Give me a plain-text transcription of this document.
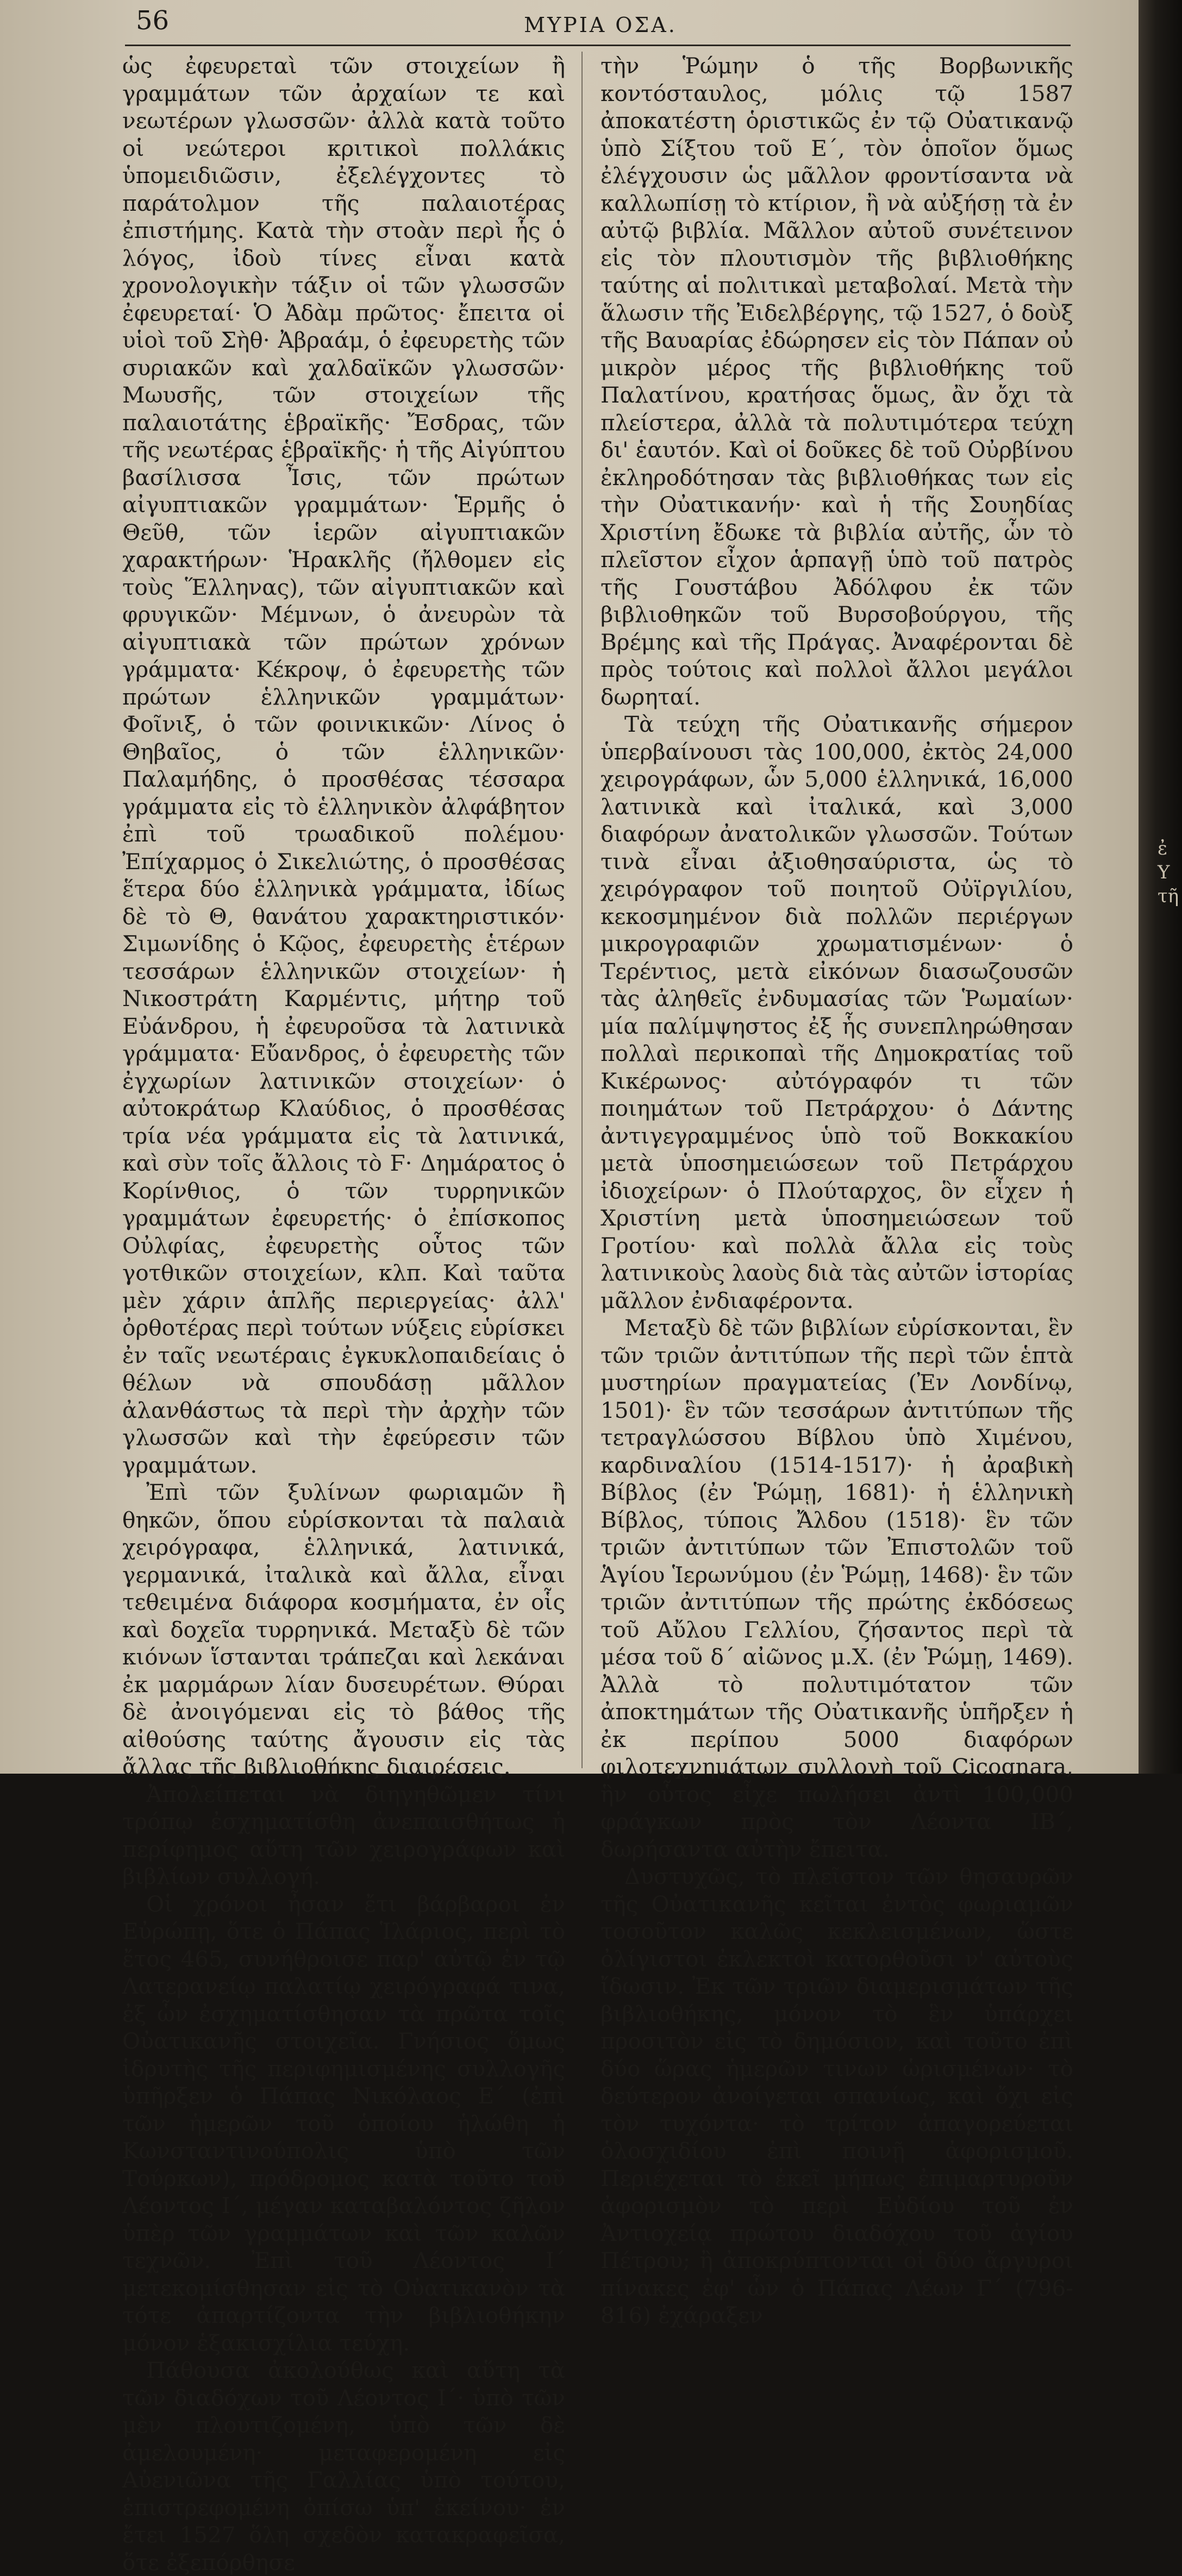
56	ΜΥΡΙΑ ΟΣΑ.

ὡς ἐφευρεταὶ τῶν στοιχείων ἢ γραμμάτων τῶν ἀρχαίων τε καὶ νεωτέρων γλωσσῶν· ἀλλὰ κατὰ τοῦτο οἱ νεώτεροι κριτικοὶ πολλάκις ὑπομειδιῶσιν, ἐξελέγχοντες τὸ παράτολμον τῆς παλαιοτέρας ἐπιστήμης. Κατὰ τὴν στοὰν περὶ ἧς ὁ λόγος, ἰδοὺ τίνες εἶναι κατὰ χρονολογικὴν τάξιν οἱ τῶν γλωσσῶν ἐφευρεταί· Ὁ Ἀδὰμ πρῶτος· ἔπειτα οἱ υἱοὶ τοῦ Σὴθ· Ἀβραάμ, ὁ ἐφευρετὴς τῶν συριακῶν καὶ χαλδαϊκῶν γλωσσῶν· Μωυσῆς, τῶν στοιχείων τῆς παλαιοτάτης ἑβραϊκῆς· Ἔσδρας, τῶν τῆς νεωτέρας ἑβραϊκῆς· ἡ τῆς Αἰγύπτου βασίλισσα Ἶσις, τῶν πρώτων αἰγυπτιακῶν γραμμάτων· Ἑρμῆς ὁ Θεῦθ, τῶν ἱερῶν αἰγυπτιακῶν χαρακτήρων· Ἡρακλῆς (ἤλθομεν εἰς τοὺς Ἕλληνας), τῶν αἰγυπτιακῶν καὶ φρυγικῶν· Μέμνων, ὁ ἀνευρὼν τὰ αἰγυπτιακὰ τῶν πρώτων χρόνων γράμματα· Κέκροψ, ὁ ἐφευρετὴς τῶν πρώτων ἑλληνικῶν γραμμάτων· Φοῖνιξ, ὁ τῶν φοινικικῶν· Λίνος ὁ Θηβαῖος, ὁ τῶν ἑλληνικῶν· Παλαμήδης, ὁ προσθέσας τέσσαρα γράμματα εἰς τὸ ἑλληνικὸν ἀλφάβητον ἐπὶ τοῦ τρωαδικοῦ πολέμου· Ἐπίχαρμος ὁ Σικελιώτης, ὁ προσθέσας ἕτερα δύο ἑλληνικὰ γράμματα, ἰδίως δὲ τὸ Θ, θανάτου χαρακτηριστικόν· Σιμωνίδης ὁ Κῷος, ἐφευρετὴς ἑτέρων τεσσάρων ἑλληνικῶν στοιχείων· ἡ Νικοστράτη Καρμέντις, μήτηρ τοῦ Εὐάνδρου, ἡ ἐφευροῦσα τὰ λατινικὰ γράμματα· Εὔανδρος, ὁ ἐφευρετὴς τῶν ἐγχωρίων λατινικῶν στοιχείων· ὁ αὐτοκράτωρ Κλαύδιος, ὁ προσθέσας τρία νέα γράμματα εἰς τὰ λατινικά, καὶ σὺν τοῖς ἄλλοις τὸ Ϝ· Δημάρατος ὁ Κορίνθιος, ὁ τῶν τυρρηνικῶν γραμμάτων ἐφευρετής· ὁ ἐπίσκοπος Οὐλφίας, ἐφευρετὴς οὗτος τῶν γοτθικῶν στοιχείων, κλπ. Καὶ ταῦτα μὲν χάριν ἁπλῆς περιεργείας· ἀλλ' ὀρθοτέρας περὶ τούτων νύξεις εὑρίσκει ἐν ταῖς νεωτέραις ἐγκυκλοπαιδείαις ὁ θέλων νὰ σπουδάσῃ μᾶλλον ἀλανθάστως τὰ περὶ τὴν ἀρχὴν τῶν γλωσσῶν καὶ τὴν ἐφεύρεσιν τῶν γραμμάτων.

Ἐπὶ τῶν ξυλίνων φωριαμῶν ἢ θηκῶν, ὅπου εὑρίσκονται τὰ παλαιὰ χειρόγραφα, ἑλληνικά, λατινικά, γερμανικά, ἰταλικὰ καὶ ἄλλα, εἶναι τεθειμένα διάφορα κοσμήματα, ἐν οἷς καὶ δοχεῖα τυρρηνικά. Μεταξὺ δὲ τῶν κιόνων ἵστανται τράπεζαι καὶ λεκάναι ἐκ μαρμάρων λίαν δυσευρέτων. Θύραι δὲ ἀνοιγόμεναι εἰς τὸ βάθος τῆς αἰθούσης ταύτης ἄγουσιν εἰς τὰς ἄλλας τῆς βιβλιοθήκης διαιρέσεις.

Ἀπολείπεται νὰ διηγηθῶμεν τίνι τρόπῳ ἐσχηματίσθη ἀνεπαισθήτως ἡ περίφημος αὕτη τῶν χειρογράφων καὶ βιβλίων συλλογή.

Οἱ χρόνοι ἦσαν ἔτι βάρβαροι ἐν Εὐρώπῃ, ὅτε ὁ Πάπας Ἱλάριος, περὶ τὸ ἔτος 465, συνήθροισε παρ' αὐτῷ ἐν τῷ Λατερανείῳ παλατίῳ χειρόγραφά τινα, ἐξ ὧν ἐσχηματίσθησαν τὰ πρῶτα τοῖς Οὐατικανῆς στοιχεῖα. Γνήσιος ὅμως ἱδρυτὴς τῆς περιφημισμένης συλλογῆς ὑπῆρξεν ὁ Πάπας Νικόλαος Ε΄ (ἐπὶ τῶν ἡμερῶν τοῦ ὁποίου ἡλώθη ἡ Κωνσταντινούπολις ὑπὸ τῶν Τούρκων), πρόδρομος κατὰ τοῦτο τοῦ Λέοντος Ι΄, μέγαν καταβαλόντος ζῆλον ὑπὲρ τῶν γραμμάτων καὶ τῶν καλῶν τεχνῶν. Ἐπὶ τοῦ Λέοντος Ι΄ μετεκομίσθησαν εἰς τὸ Οὐατικανὸν τὰ τότε ἀπαρτίζοντα τὴν βιβλιοθήκην μόνον ἑξακισχίλια τεύχη.

Πάθουσα ἀκολούθως καὶ αὕτη τὰ τῶν διαδόχων τοῦ Λέοντος Ι΄· ὑπὸ τῶν μὲν πλουτιζομένη, ὑπὸ τῶν δὲ ἀμελουμένη· μεταφερομένη εἰς Αὐενιῶνα τῆς Γαλλίας ὑπὸ τούτου, ἐπιστρεφομένη ὀπίσω ὑπ' ἐκείνου· ἐν ἔτει 1527 ὅλη σχεδὸν κατακραφεῖσα, ὅτε ἐξεπόρθησε

τὴν Ῥώμην ὁ τῆς Βορβωνικῆς κοντόσταυλος, μόλις τῷ 1587 ἀποκατέστη ὁριστικῶς ἐν τῷ Οὐατικανῷ ὑπὸ Σίξτου τοῦ Ε΄, τὸν ὁποῖον ὅμως ἐλέγχουσιν ὡς μᾶλλον φροντίσαντα νὰ καλλωπίσῃ τὸ κτίριον, ἢ νὰ αὐξήσῃ τὰ ἐν αὐτῷ βιβλία. Μᾶλλον αὐτοῦ συνέτεινον εἰς τὸν πλουτισμὸν τῆς βιβλιοθήκης ταύτης αἱ πολιτικαὶ μεταβολαί. Μετὰ τὴν ἅλωσιν τῆς Ἐιδελβέργης, τῷ 1527, ὁ δοὺξ τῆς Βαυαρίας ἐδώρησεν εἰς τὸν Πάπαν οὐ μικρὸν μέρος τῆς βιβλιοθήκης τοῦ Παλατίνου, κρατήσας ὅμως, ἂν ὄχι τὰ πλείστερα, ἀλλὰ τὰ πολυτιμότερα τεύχη δι' ἑαυτόν. Καὶ οἱ δοῦκες δὲ τοῦ Οὐρβίνου ἐκληροδότησαν τὰς βιβλιοθήκας των εἰς τὴν Οὐατικανήν· καὶ ἡ τῆς Σουηδίας Χριστίνη ἔδωκε τὰ βιβλία αὐτῆς, ὧν τὸ πλεῖστον εἶχον ἁρπαγῇ ὑπὸ τοῦ πατρὸς τῆς Γουστάβου Ἀδόλφου ἐκ τῶν βιβλιοθηκῶν τοῦ Βυρσοβούργου, τῆς Βρέμης καὶ τῆς Πράγας. Ἀναφέρονται δὲ πρὸς τούτοις καὶ πολλοὶ ἄλλοι μεγάλοι δωρηταί.

Τὰ τεύχη τῆς Οὐατικανῆς σήμερον ὑπερβαίνουσι τὰς 100,000, ἐκτὸς 24,000 χειρογράφων, ὧν 5,000 ἑλληνικά, 16,000 λατινικὰ καὶ ἰταλικά, καὶ 3,000 διαφόρων ἀνατολικῶν γλωσσῶν. Τούτων τινὰ εἶναι ἀξιοθησαύριστα, ὡς τὸ χειρόγραφον τοῦ ποιητοῦ Οὐϊργιλίου, κεκοσμημένον διὰ πολλῶν περιέργων μικρογραφιῶν χρωματισμένων· ὁ Τερέντιος, μετὰ εἰκόνων διασωζουσῶν τὰς ἀληθεῖς ἐνδυμασίας τῶν Ῥωμαίων· μία παλίμψηστος ἐξ ἧς συνεπληρώθησαν πολλαὶ περικοπαὶ τῆς Δημοκρατίας τοῦ Κικέρωνος· αὐτόγραφόν τι τῶν ποιημάτων τοῦ Πετράρχου· ὁ Δάντης ἀντιγεγραμμένος ὑπὸ τοῦ Βοκκακίου μετὰ ὑποσημειώσεων τοῦ Πετράρχου ἰδιοχείρων· ὁ Πλούταρχος, ὃν εἶχεν ἡ Χριστίνη μετὰ ὑποσημειώσεων τοῦ Γροτίου· καὶ πολλὰ ἄλλα εἰς τοὺς λατινικοὺς λαοὺς διὰ τὰς αὐτῶν ἱστορίας μᾶλλον ἐνδιαφέροντα.

Μεταξὺ δὲ τῶν βιβλίων εὑρίσκονται, ἓν τῶν τριῶν ἀντιτύπων τῆς περὶ τῶν ἑπτὰ μυστηρίων πραγματείας (Ἐν Λονδίνῳ, 1501)· ἓν τῶν τεσσάρων ἀντιτύπων τῆς τετραγλώσσου Βίβλου ὑπὸ Χιμένου, καρδιναλίου (1514-1517)· ἡ ἀραβικὴ Βίβλος (ἐν Ῥώμῃ, 1681)· ἡ ἑλληνικὴ Βίβλος, τύποις Ἄλδου (1518)· ἓν τῶν τριῶν ἀντιτύπων τῶν Ἐπιστολῶν τοῦ Ἁγίου Ἱερωνύμου (ἐν Ῥώμῃ, 1468)· ἓν τῶν τριῶν ἀντιτύπων τῆς πρώτης ἐκδόσεως τοῦ Αὔλου Γελλίου, ζήσαντος περὶ τὰ μέσα τοῦ δ΄ αἰῶνος μ.Χ. (ἐν Ῥώμῃ, 1469). Ἀλλὰ τὸ πολυτιμότατον τῶν ἀποκτημάτων τῆς Οὐατικανῆς ὑπῆρξεν ἡ ἐκ περίπου 5000 διαφόρων φιλοτεχνημάτων συλλογὴ τοῦ Cicognara, ἣν οὗτος εἶχε πωλήσει ἀντὶ 100,000 φράγκων πρὸς τὸν Λέοντα ΙΒ΄, δωρήσαντα αὐτὴν ἔπειτα.

Δυστυχῶς, τὸ πλεῖστον τῶν θησαυρῶν τῆς Οὐατικανῆς κεῖται ἐντὸς φωριαμῶν τοσοῦτον καλῶς κεκλεισμένων, ὥστε ὀλίγιστοι ἐκλεκτοὶ κατορθοῦσι ν' αὐτοὺς ἴδωσιν. Ἐκ τῶν τριῶν διαμερισμάτων τῆς βιβλιοθήκης, μόνον τὸ ἓν ὑπάρχει προσιτὸν εἰς τὸ δημόσιον, καὶ τοῦτο ἐπὶ δύο ὥρας ἡμερῶν τινων ὡρισμένων· τὸ δεύτερον ἀνοίγεται σπανίως, καὶ ὄχι εἰς τὸν τυχόντα· τὸ τρίτον ἀπαγορεύεται ὁλοσχιδίου ἐπὶ ποινῇ ἀφορισμοῦ. Περιέχεται τὸ ἐκεῖ μήπως ἐπιμαρτυροῦν ἀφορισμὸν τὸ περὶ Εὐδίου τοῦ ἐν Ἀντιοχείᾳ πρώτου διαδόχου τοῦ ἁγίου Πέτρου; ἢ ἀποκρύπτονται οἱ δύο ἄργυροι πίνακες ἐφ' ὧν ὁ Πάπας Λέων Γ΄ (796-816) ἐχάραξεν

ἐ
Υ
τῆ
